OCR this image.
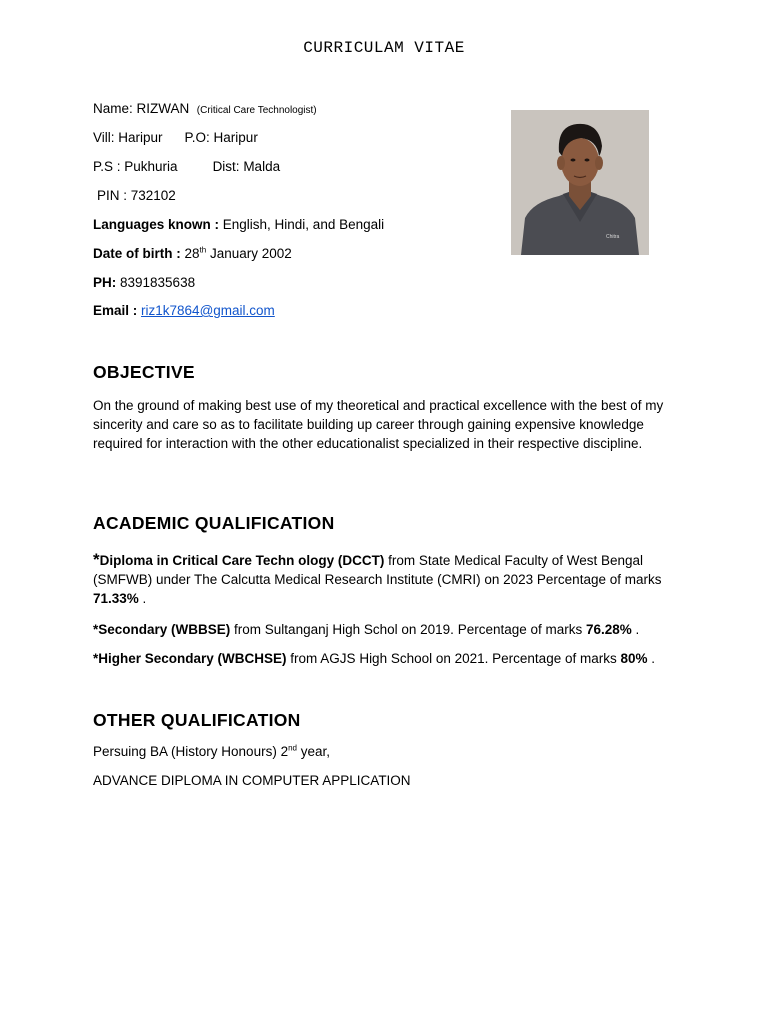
CURRICULAM VITAE
Name: RIZWAN (Critical Care Technologist)
Vill: Haripur P.O: Haripur
P.S : Pukhuria	Dist: Malda
PIN : 732102
Languages known : English, Hindi, and Bengali
Date of birth : 28th January 2002
PH: 8391835638
Email : riz1k7864@gmail.com
Chitra
OBJECTIVE
On the ground of making best use of my theoretical and practical excellence with the best of my sincerity and care so as to facilitate building up career through gaining expensive knowledge required for interaction with the other educationalist specialized in their respective discipline.
ACADEMIC QUALIFICATION
*Diploma in Critical Care Techn ology (DCCT) from State Medical Faculty of West Bengal (SMFWB) under The Calcutta Medical Research Institute (CMRI) on 2023 Percentage of marks 71.33% .
*Secondary (WBBSE) from Sultanganj High Schol on 2019. Percentage of marks 76.28% .
*Higher Secondary (WBCHSE) from AGJS High School on 2021. Percentage of marks 80% .
OTHER QUALIFICATION
Persuing BA (History Honours) 2nd year,
ADVANCE DIPLOMA IN COMPUTER APPLICATION
